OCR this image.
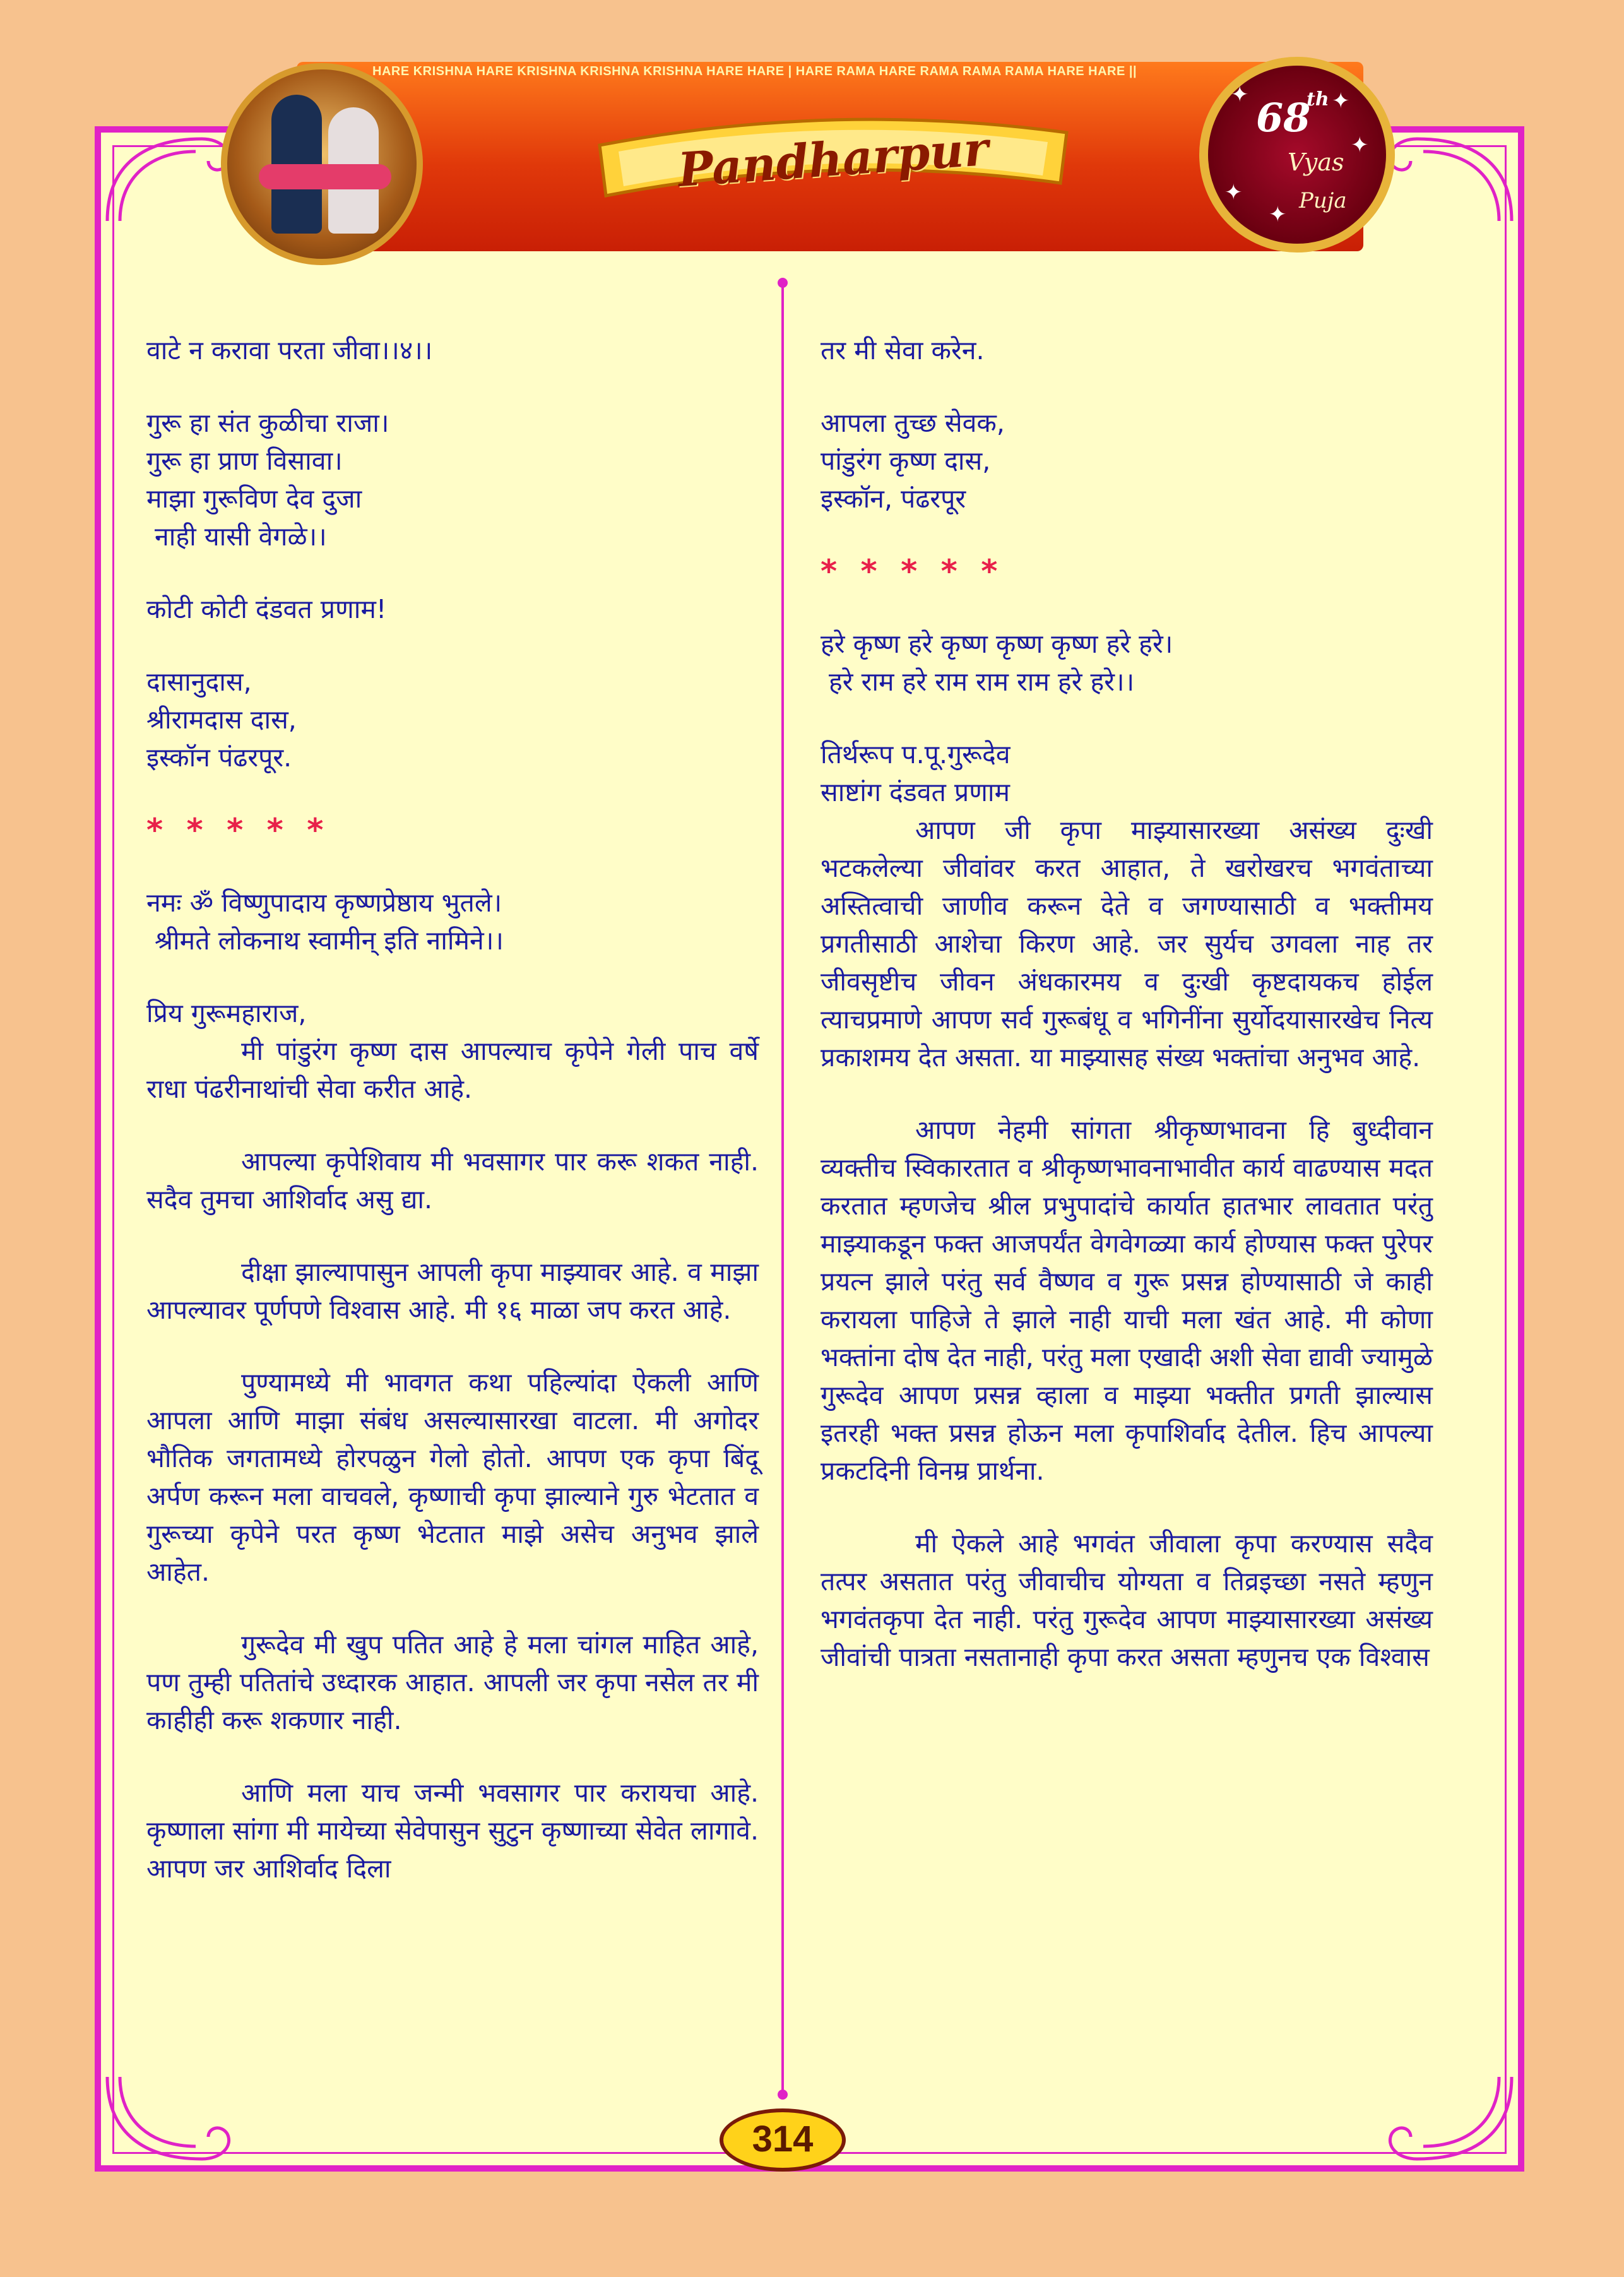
HARE KRISHNA HARE KRISHNA KRISHNA KRISHNA HARE HARE | HARE RAMA HARE RAMA RAMA RAMA HARE HARE ||
Pandharpur
68
th
Vyas
Puja
✦	✦
✦
✦
✦

वाटे न करावा परता जीवा।।४।।

गुरू हा संत कुळीचा राजा।

गुरू हा प्राण विसावा।

माझा गुरूविण देव दुजा

नाही यासी वेगळे।।

कोटी कोटी दंडवत प्रणाम!

दासानुदास,

श्रीरामदास दास,

इस्कॉन पंढरपूर.

* * * * *

नमः ॐ विष्णुपादाय कृष्णप्रेष्ठाय भुतले।

श्रीमते लोकनाथ स्वामीन् इति नामिने।।

प्रिय गुरूमहाराज,

मी पांडुरंग कृष्ण दास आपल्याच कृपेने गेली पाच वर्षे राधा पंढरीनाथांची सेवा करीत आहे.

आपल्या कृपेशिवाय मी भवसागर पार करू शकत नाही. सदैव तुमचा आशिर्वाद असु द्या.

दीक्षा झाल्यापासुन आपली कृपा माझ्यावर आहे. व माझा आपल्यावर पूर्णपणे विश्वास आहे. मी १६ माळा जप करत आहे.

पुण्यामध्ये मी भावगत कथा पहिल्यांदा ऐकली आणि आपला आणि माझा संबंध असल्यासारखा वाटला. मी अगोदर भौतिक जगतामध्ये होरपळुन गेलो होतो. आपण एक कृपा बिंदू अर्पण करून मला वाचवले, कृष्णाची कृपा झाल्याने गुरु भेटतात व गुरूच्या कृपेने परत कृष्ण भेटतात माझे असेच अनुभव झाले आहेत.

गुरूदेव मी खुप पतित आहे हे मला चांगल माहित आहे, पण तुम्ही पतितांचे उध्दारक आहात. आपली जर कृपा नसेल तर मी काहीही करू शकणार नाही.

आणि मला याच जन्मी भवसागर पार करायचा आहे. कृष्णाला सांगा मी मायेच्या सेवेपासुन सुटुन कृष्णाच्या सेवेत लागावे. आपण जर आशिर्वाद दिला

तर मी सेवा करेन.

आपला तुच्छ सेवक,

पांडुरंग कृष्ण दास,

इस्कॉन, पंढरपूर

* * * * *

हरे कृष्ण हरे कृष्ण कृष्ण कृष्ण हरे हरे।

हरे राम हरे राम राम राम हरे हरे।।

तिर्थरूप प.पू.गुरूदेव

साष्टांग दंडवत प्रणाम

आपण जी कृपा माझ्यासारख्या असंख्य दुःखी भटकलेल्या जीवांवर करत आहात, ते खरोखरच भगवंताच्या अस्तित्वाची जाणीव करून देते व जगण्यासाठी व भक्तीमय प्रगतीसाठी आशेचा किरण आहे. जर सुर्यच उगवला नाह तर जीवसृष्टीच जीवन अंधकारमय व दुःखी कृष्टदायकच होईल त्याचप्रमाणे आपण सर्व गुरूबंधू व भगिनींना सुर्योदयासारखेच नित्य प्रकाशमय देत असता. या माझ्यासह संख्य भक्तांचा अनुभव आहे.

आपण नेहमी सांगता श्रीकृष्णभावना हि बुध्दीवान व्यक्तीच स्विकारतात व श्रीकृष्णभावनाभावीत कार्य वाढण्यास मदत करतात म्हणजेच श्रील प्रभुपादांचे कार्यात हातभार लावतात परंतु माझ्याकडून फक्त आजपर्यंत वेगवेगळ्या कार्य होण्यास फक्त पुरेपर प्रयत्न झाले परंतु सर्व वैष्णव व गुरू प्रसन्न होण्यासाठी जे काही करायला पाहिजे ते झाले नाही याची मला खंत आहे. मी कोणा भक्तांना दोष देत नाही, परंतु मला एखादी अशी सेवा द्यावी ज्यामुळे गुरूदेव आपण प्रसन्न व्हाला व माझ्या भक्तीत प्रगती झाल्यास इतरही भक्त प्रसन्न होऊन मला कृपाशिर्वाद देतील. हिच आपल्या प्रकटदिनी विनम्र प्रार्थना.

मी ऐकले आहे भगवंत जीवाला कृपा करण्यास सदैव तत्पर असतात परंतु जीवाचीच योग्यता व तिव्रइच्छा नसते म्हणुन भगवंतकृपा देत नाही. परंतु गुरूदेव आपण माझ्यासारख्या असंख्य जीवांची पात्रता नसतानाही कृपा करत असता म्हणुनच एक विश्वास

314
